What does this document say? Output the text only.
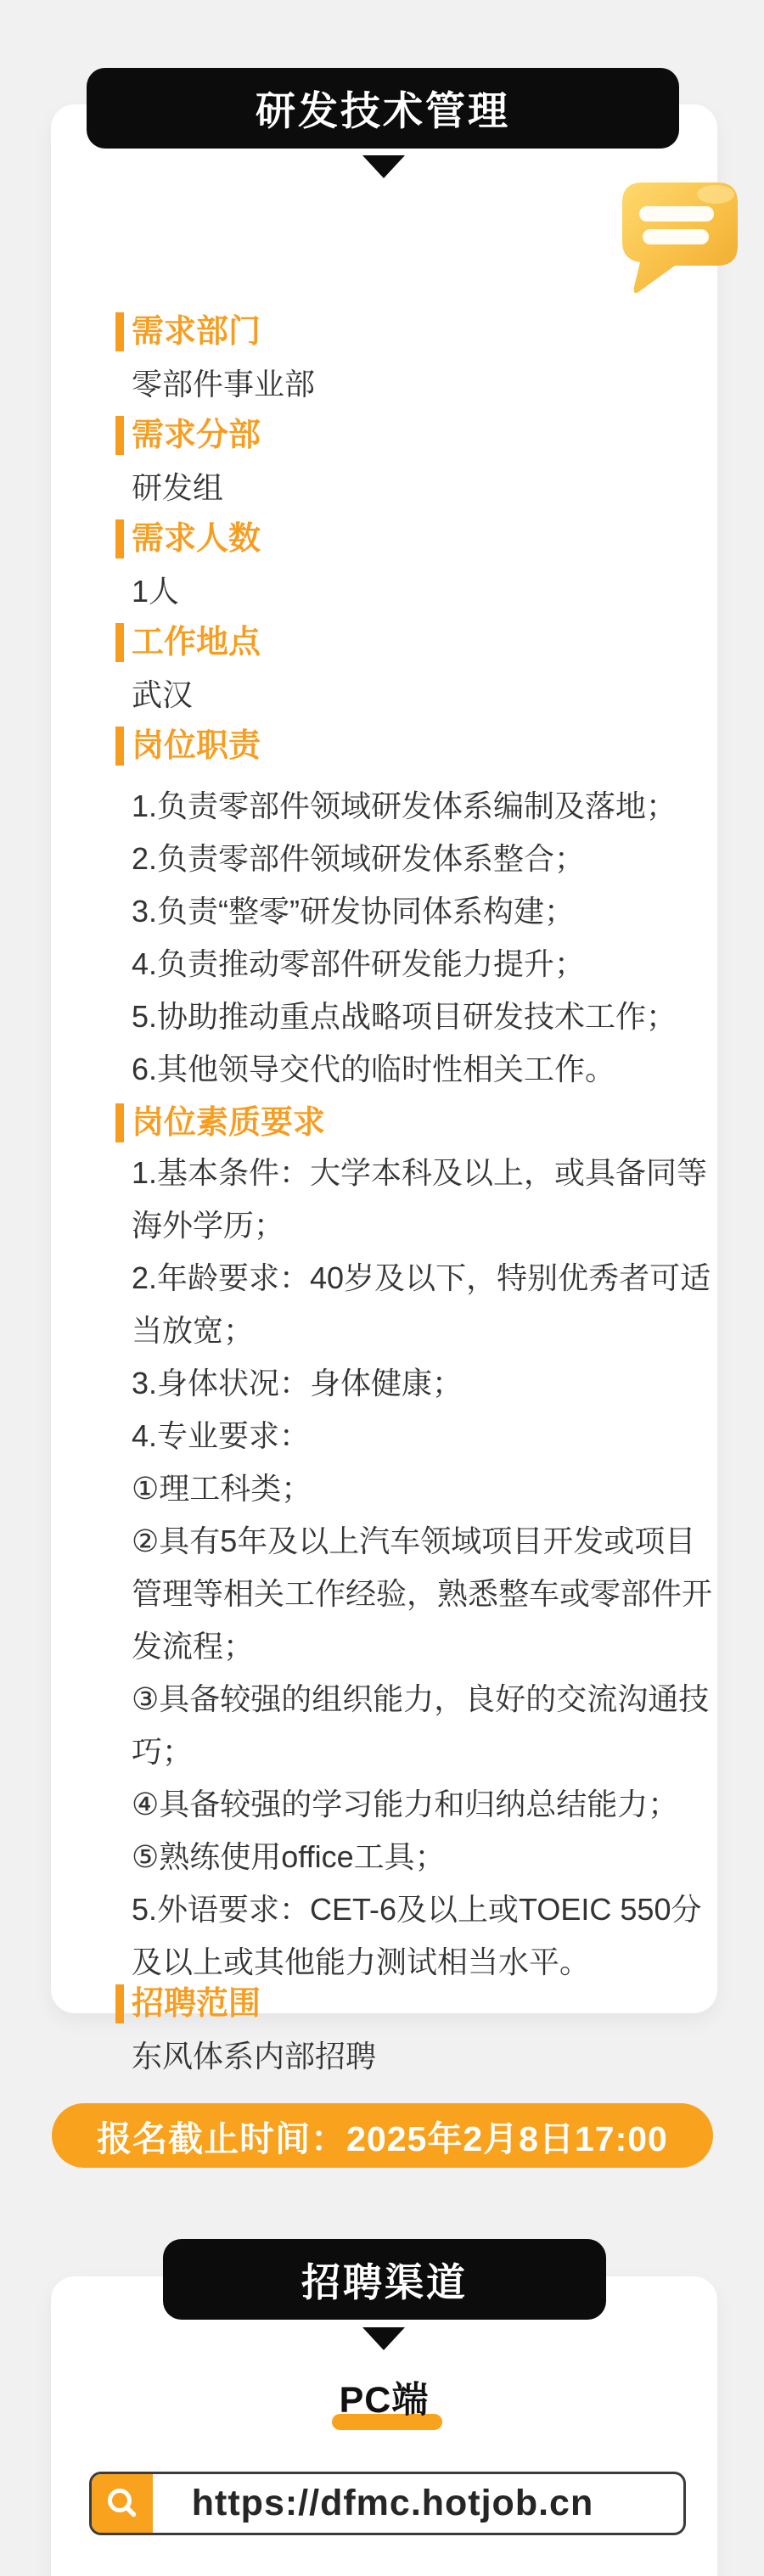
需求部门
零部件事业部
需求分部
研发组
需求人数
1人
工作地点
武汉
岗位职责
1.负责零部件领域研发体系编制及落地；
2.负责零部件领域研发体系整合；
3.负责“整零”研发协同体系构建；
4.负责推动零部件研发能力提升；
5.协助推动重点战略项目研发技术工作；
6.其他领导交代的临时性相关工作。
岗位素质要求
1.基本条件：大学本科及以上，或具备同等海外学历；
2.年龄要求：40岁及以下，特别优秀者可适当放宽；
3.身体状况：身体健康；
4.专业要求：
①理工科类；
②具有5年及以上汽车领域项目开发或项目管理等相关工作经验，熟悉整车或零部件开发流程；
③具备较强的组织能力，良好的交流沟通技巧；
④具备较强的学习能力和归纳总结能力；
⑤熟练使用office工具；
5.外语要求：CET-6及以上或TOEIC 550分及以上或其他能力测试相当水平。
招聘范围
东风体系内部招聘
研发技术管理
报名截止时间：2025年2月8日17:00
招聘渠道
PC端
https://dfmc.hotjob.cn
